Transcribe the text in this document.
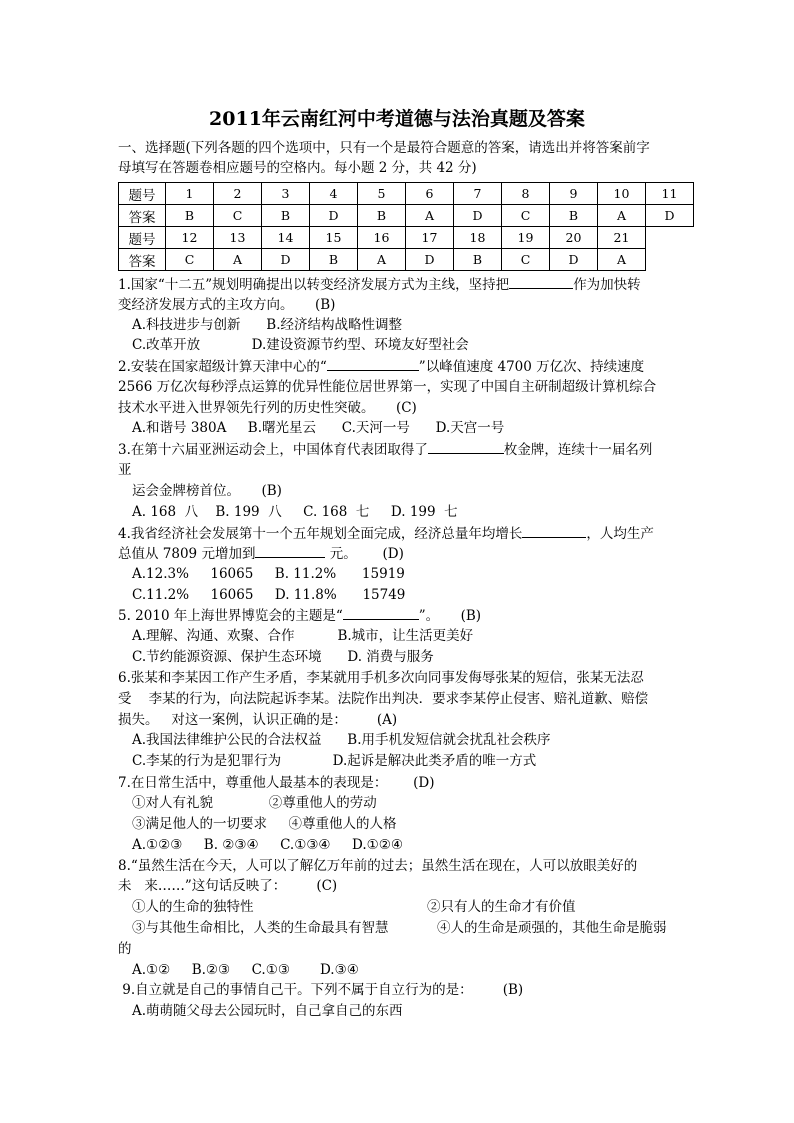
2011年云南红河中考道德与法治真题及答案
一、选择题(下列各题的四个选项中，只有一个是最符合题意的答案，请选出并将答案前字
母填写在答题卷相应题号的空格内。每小题 2 分，共 42 分)
题号	1	2	3	4	5	6	7	8	9	10	11
答案	B	C	B	D	B	A	D	C	B	A	D
题号	12	13	14	15	16	17	18	19	20	21	
答案	C	A	D	B	A	D	B	C	D	A	
1.国家“十二五”规划明确提出以转变经济发展方式为主线，坚持把	作为加快转
变经济发展方式的主攻方向。     (B)
A.科技进步与创新      B.经济结构战略性调整
C.改革开放            D.建设资源节约型、环境友好型社会
2.安装在国家超级计算天津中心的“	”以峰值速度 4700 万亿次、持续速度
2566 万亿次每秒浮点运算的优异性能位居世界第一，实现了中国自主研制超级计算机综合
技术水平进入世界领先行列的历史性突破。     (C)
A.和谐号 380A     B.曙光星云      C.天河一号      D.天宫一号
3.在第十六届亚洲运动会上，中国体育代表团取得了	枚金牌，连续十一届名列
亚
运会金牌榜首位。     (B)
A. 168  八    B. 199  八     C. 168  七     D. 199  七
4.我省经济社会发展第十一个五年规划全面完成，经济总量年均增长	，人均生产
总值从 7809 元增加到	元。      (D)
A.12.3%     16065     B. 11.2%      15919
C.11.2%     16065     D. 11.8%      15749
5. 2010 年上海世界博览会的主题是“	”。     (B)
A.理解、沟通、欢聚、合作          B.城市，让生活更美好
C.节约能源资源、保护生态环境      D. 消费与服务
6.张某和李某因工作产生矛盾，李某就用手机多次向同事发侮辱张某的短信，张某无法忍
受    李某的行为，向法院起诉李某。法院作出判决．要求李某停止侵害、赔礼道歉、赔偿
损失。   对这一案例，认识正确的是：       (A)
A.我国法律维护公民的合法权益      B.用手机发短信就会扰乱社会秩序
C.李某的行为是犯罪行为            D.起诉是解决此类矛盾的唯一方式
7.在日常生活中，尊重他人最基本的表现是：      (D)
①对人有礼貌             ②尊重他人的劳动
③满足他人的一切要求     ④尊重他人的人格
A.①②③     B. ②③④     C.①③④     D.①②④
8.“虽然生活在今天，人可以了解亿万年前的过去；虽然生活在现在，人可以放眼美好的
未   来……”这句话反映了：       (C)
①人的生命的独特性	②只有人的生命才有价值
③与其他生命相比，人类的生命最具有智慧	④人的生命是顽强的，其他生命是脆弱
的
A.①②     B.②③     C.①③       D.③④
9.自立就是自己的事情自己干。下列不属于自立行为的是：       (B)
A.萌萌随父母去公园玩时，自己拿自己的东西
